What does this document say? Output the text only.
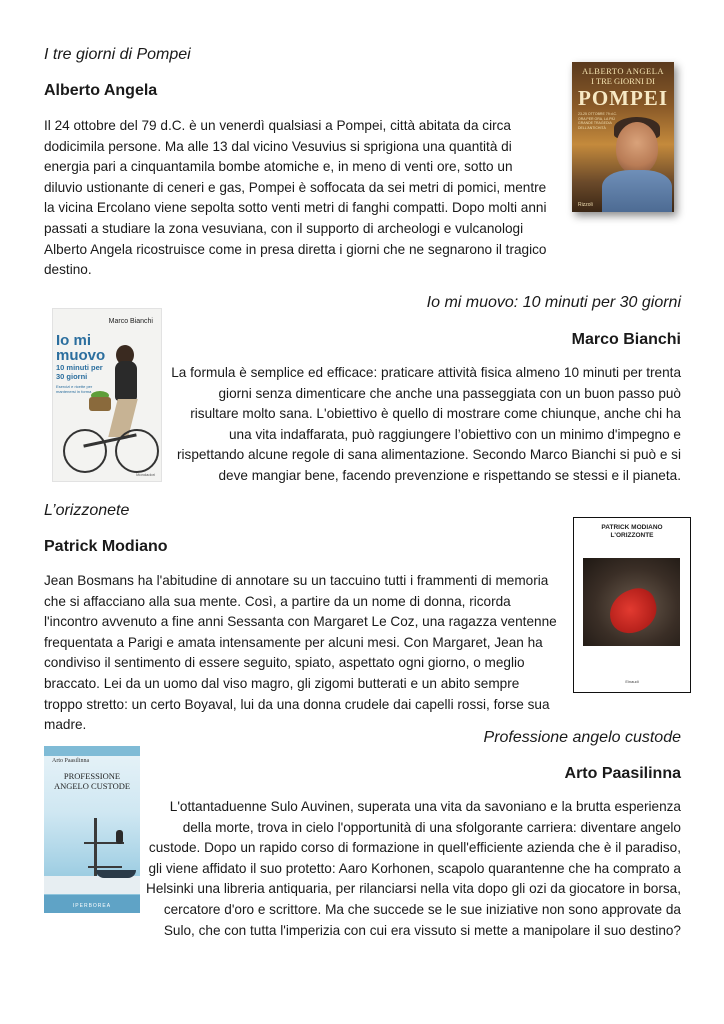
I tre giorni di Pompei
Alberto Angela

Il 24 ottobre del 79 d.C. è un venerdì qualsiasi a Pompei, città abitata da circa dodicimila persone. Ma alle 13 dal vicino Vesuvius si sprigiona una quantità di energia pari a cinquantamila bombe atomiche e, in meno di venti ore, sotto un diluvio ustionante di ceneri e gas, Pompei è soffocata da sei metri di pomici, mentre la vicina Ercolano viene sepolta sotto venti metri di fanghi compatti. Dopo molti anni passati a studiare la zona vesuviana, con il supporto di archeologi e vulcanologi Alberto Angela ricostruisce come in presa diretta i giorni che ne segnarono il tragico destino.

ALBERTO ANGELA
I TRE GIORNI DI
POMPEI
23-25 OTTOBRE 79 d.C. ORA PER ORA, LA PIÙ GRANDE TRAGEDIA DELL'ANTICHITÀ
Rizzoli
Io mi muovo: 10 minuti per 30 giorni
Marco Bianchi

La formula è semplice ed efficace: praticare attività fisica almeno 10 minuti per trenta giorni senza dimenticare che anche una passeggiata con un buon passo può risultare molto sana. L'obiettivo è quello di mostrare come chiunque, anche chi ha una vita indaffarata, può raggiungere l’obiettivo con un minimo d'impegno e rispettando alcune regole di sana alimentazione. Secondo Marco Bianchi si può e si deve mangiar bene, facendo prevenzione e rispettando se stessi e il pianeta.

Marco Bianchi
Io mi
muovo
10 minuti per 30 giorni
Esercizi e ricette per mantenersi in forma
Mondadori
L’orizzonete
Patrick Modiano

Jean Bosmans ha l'abitudine di annotare su un taccuino tutti i frammenti di memoria che si affacciano alla sua mente. Così, a partire da un nome di donna, ricorda l'incontro avvenuto a fine anni Sessanta con Margaret Le Coz, una ragazza ventenne frequentata a Parigi e amata intensamente per alcuni mesi. Con Margaret, Jean ha condiviso il sentimento di essere seguito, spiato, aspettato ogni giorno, o meglio braccato. Lei da un uomo dal viso magro, gli zigomi butterati e un abito sempre troppo stretto: un certo Boyaval, lui da una donna crudele dai capelli rossi, forse sua madre.

PATRICK MODIANO
L'ORIZZONTE
Einaudi
Professione angelo custode
Arto Paasilinna

L'ottantaduenne Sulo Auvinen, superata una vita da savoniano e la brutta esperienza della morte, trova in cielo l'opportunità di una sfolgorante carriera: diventare angelo custode. Dopo un rapido corso di formazione in quell'efficiente azienda che è il paradiso, gli viene affidato il suo protetto: Aaro Korhonen, scapolo quarantenne che ha comprato a Helsinki una libreria antiquaria, per rilanciarsi nella vita dopo gli ozi da giocatore in borsa, cercatore d'oro e scrittore. Ma che succede se le sue iniziative non sono approvate da Sulo, che con tutta l'imperizia con cui era vissuto si mette a manipolare il suo destino?

Arto Paasilinna
PROFESSIONE
ANGELO CUSTODE
IPERBOREA
